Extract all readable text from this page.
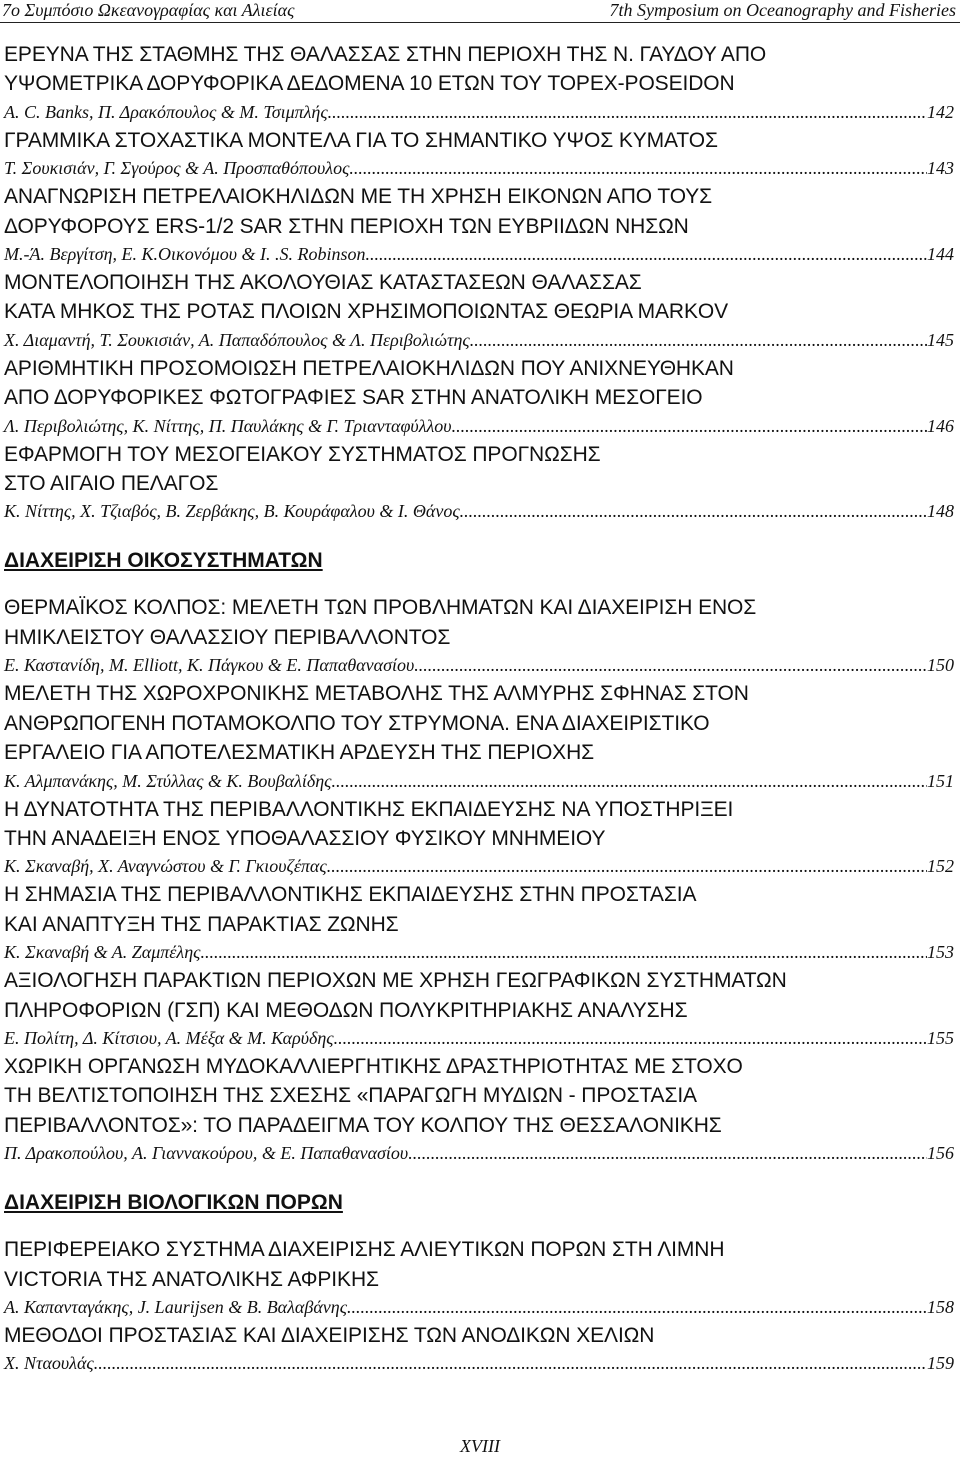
7ο Συμπόσιο Ωκεανογραφίας και Αλιείας	7th Symposium on Oceanography and Fisheries
ΕΡΕΥΝΑ ΤΗΣ ΣΤΑΘΜΗΣ ΤΗΣ ΘΑΛΑΣΣΑΣ ΣΤΗΝ ΠΕΡΙΟΧΗ ΤΗΣ Ν. ΓΑΥΔΟΥ ΑΠΟ
ΥΨΟΜΕΤΡΙΚΑ ΔΟΡΥΦΟΡΙΚΑ ΔΕΔΟΜΕΝΑ 10 ΕΤΩΝ ΤΟΥ TOPEX-POSEIDON
A. C. Banks, Π. Δρακόπουλος & Μ. Τσιμπλής .....	142
ΓΡΑΜΜΙΚΑ ΣΤΟΧΑΣΤΙΚΑ ΜΟΝΤΕΛΑ ΓΙΑ ΤΟ ΣΗΜΑΝΤΙΚΟ ΥΨΟΣ ΚΥΜΑΤΟΣ
Τ. Σουκισιάν, Γ. Σγούρος & Α. Προσπαθόπουλος .....	143
ΑΝΑΓΝΩΡΙΣΗ ΠΕΤΡΕΛΑΙΟΚΗΛΙΔΩΝ ΜΕ ΤΗ ΧΡΗΣΗ ΕΙΚΟΝΩΝ ΑΠΟ ΤΟΥΣ
ΔΟΡΥΦΟΡΟΥΣ ERS-1/2 SAR ΣΤΗΝ ΠΕΡΙΟΧΗ ΤΩΝ ΕΥΒΡΙΙΔΩΝ ΝΗΣΩΝ
Μ.-Ά. Βεργίτση, Ε. Κ.Οικονόμου & Ι. .S. Robinson .....	144
ΜΟΝΤΕΛΟΠΟΙΗΣΗ ΤΗΣ ΑΚΟΛΟΥΘΙΑΣ ΚΑΤΑΣΤΑΣΕΩΝ ΘΑΛΑΣΣΑΣ
ΚΑΤΑ ΜΗΚΟΣ ΤΗΣ ΡΟΤΑΣ ΠΛΟΙΩΝ ΧΡΗΣΙΜΟΠΟΙΩΝΤΑΣ ΘΕΩΡΙΑ MARKOV
Χ. Διαμαντή, Τ. Σουκισιάν, Α. Παπαδόπουλος & Λ. Περιβολιώτης .....	145
ΑΡΙΘΜΗΤΙΚΗ ΠΡΟΣΟΜΟΙΩΣΗ ΠΕΤΡΕΛΑΙΟΚΗΛΙΔΩΝ ΠΟΥ ΑΝΙΧΝΕΥΘΗΚΑΝ
ΑΠΟ ΔΟΡΥΦΟΡΙΚΕΣ ΦΩΤΟΓΡΑΦΙΕΣ SAR ΣΤΗΝ ΑΝΑΤΟΛΙΚΗ ΜΕΣΟΓΕΙΟ
Λ. Περιβολιώτης, Κ. Νίττης, Π. Παυλάκης & Γ. Τριανταφύλλου .....	146
ΕΦΑΡΜΟΓΗ ΤΟΥ ΜΕΣΟΓΕΙΑΚΟΥ ΣΥΣΤΗΜΑΤΟΣ ΠΡΟΓΝΩΣΗΣ
ΣΤΟ ΑΙΓΑΙΟ ΠΕΛΑΓΟΣ
Κ. Νίττης, Χ. Τζιαβός, Β. Ζερβάκης, Β. Κουράφαλου & Ι. Θάνος .....	148
ΔΙΑΧΕΙΡΙΣΗ ΟΙΚΟΣΥΣΤΗΜΑΤΩΝ
ΘΕΡΜΑΪΚΟΣ ΚΟΛΠΟΣ: ΜΕΛΕΤΗ ΤΩΝ ΠΡΟΒΛΗΜΑΤΩΝ ΚΑΙ ΔΙΑΧΕΙΡΙΣΗ ΕΝΟΣ
ΗΜΙΚΛΕΙΣΤΟΥ ΘΑΛΑΣΣΙΟΥ ΠΕΡΙΒΑΛΛΟΝΤΟΣ
Ε. Καστανίδη, M. Elliott, Κ. Πάγκου & Ε. Παπαθανασίου .....	150
ΜΕΛΕΤΗ ΤΗΣ ΧΩΡΟΧΡΟΝΙΚΗΣ ΜΕΤΑΒΟΛΗΣ ΤΗΣ ΑΛΜΥΡΗΣ ΣΦΗΝΑΣ ΣΤΟΝ
ΑΝΘΡΩΠΟΓΕΝΗ ΠΟΤΑΜΟΚΟΛΠΟ ΤΟΥ ΣΤΡΥΜΟΝΑ. ΕΝΑ ΔΙΑΧΕΙΡΙΣΤΙΚΟ
ΕΡΓΑΛΕΙΟ ΓΙΑ ΑΠΟΤΕΛΕΣΜΑΤΙΚΗ ΑΡΔΕΥΣΗ ΤΗΣ ΠΕΡΙΟΧΗΣ
Κ. Αλμπανάκης, Μ. Στύλλας & Κ. Βουβαλίδης .....	151
Η ΔΥΝΑΤΟΤΗΤΑ ΤΗΣ ΠΕΡΙΒΑΛΛΟΝΤΙΚΗΣ ΕΚΠΑΙΔΕΥΣΗΣ ΝΑ ΥΠΟΣΤΗΡΙΞΕΙ
ΤΗΝ ΑΝΑΔΕΙΞΗ ΕΝΟΣ ΥΠΟΘΑΛΑΣΣΙΟΥ ΦΥΣΙΚΟΥ ΜΝΗΜΕΙΟΥ
Κ. Σκαναβή, Χ. Αναγνώστου & Γ. Γκιουζέπας .....	152
Η ΣΗΜΑΣΙΑ ΤΗΣ ΠΕΡΙΒΑΛΛΟΝΤΙΚΗΣ ΕΚΠΑΙΔΕΥΣΗΣ ΣΤΗΝ ΠΡΟΣΤΑΣΙΑ
ΚΑΙ ΑΝΑΠΤΥΞΗ ΤΗΣ ΠΑΡΑΚΤΙΑΣ ΖΩΝΗΣ
Κ. Σκαναβή & Α. Ζαμπέλης .....	153
ΑΞΙΟΛΟΓΗΣΗ ΠΑΡΑΚΤΙΩΝ ΠΕΡΙΟΧΩΝ ΜΕ ΧΡΗΣΗ ΓΕΩΓΡΑΦΙΚΩΝ ΣΥΣΤΗΜΑΤΩΝ
ΠΛΗΡΟΦΟΡΙΩΝ (ΓΣΠ) ΚΑΙ ΜΕΘΟΔΩΝ ΠΟΛΥΚΡΙΤΗΡΙΑΚΗΣ ΑΝΑΛΥΣΗΣ
Ε. Πολίτη, Δ. Κίτσιου, Α. Μέξα & Μ. Καρύδης .....	155
ΧΩΡΙΚΗ ΟΡΓΑΝΩΣΗ ΜΥΔΟΚΑΛΛΙΕΡΓΗΤΙΚΗΣ ΔΡΑΣΤΗΡΙΟΤΗΤΑΣ ΜΕ ΣΤΟΧΟ
ΤΗ ΒΕΛΤΙΣΤΟΠΟΙΗΣΗ ΤΗΣ ΣΧΕΣΗΣ «ΠΑΡΑΓΩΓΗ ΜΥΔΙΩΝ - ΠΡΟΣΤΑΣΙΑ
ΠΕΡΙΒΑΛΛΟΝΤΟΣ»: ΤΟ ΠΑΡΑΔΕΙΓΜΑ ΤΟΥ ΚΟΛΠΟΥ ΤΗΣ ΘΕΣΣΑΛΟΝΙΚΗΣ
Π. Δρακοπούλου, Α. Γιαννακούρου, & Ε. Παπαθανασίου .....	156
ΔΙΑΧΕΙΡΙΣΗ ΒΙΟΛΟΓΙΚΩΝ ΠΟΡΩΝ
ΠΕΡΙΦΕΡΕΙΑΚΟ ΣΥΣΤΗΜΑ ΔΙΑΧΕΙΡΙΣΗΣ ΑΛΙΕΥΤΙΚΩΝ ΠΟΡΩΝ ΣΤΗ ΛΙΜΝΗ
VICTORIA ΤΗΣ ΑΝΑΤΟΛΙΚΗΣ ΑΦΡΙΚΗΣ
Α. Καπανταγάκης, J. Laurijsen & Β. Βαλαβάνης .....	158
ΜΕΘΟΔΟΙ ΠΡΟΣΤΑΣΙΑΣ ΚΑΙ ΔΙΑΧΕΙΡΙΣΗΣ ΤΩΝ ΑΝΟΔΙΚΩΝ ΧΕΛΙΩΝ
Χ. Νταουλάς .....	159
XVIII
